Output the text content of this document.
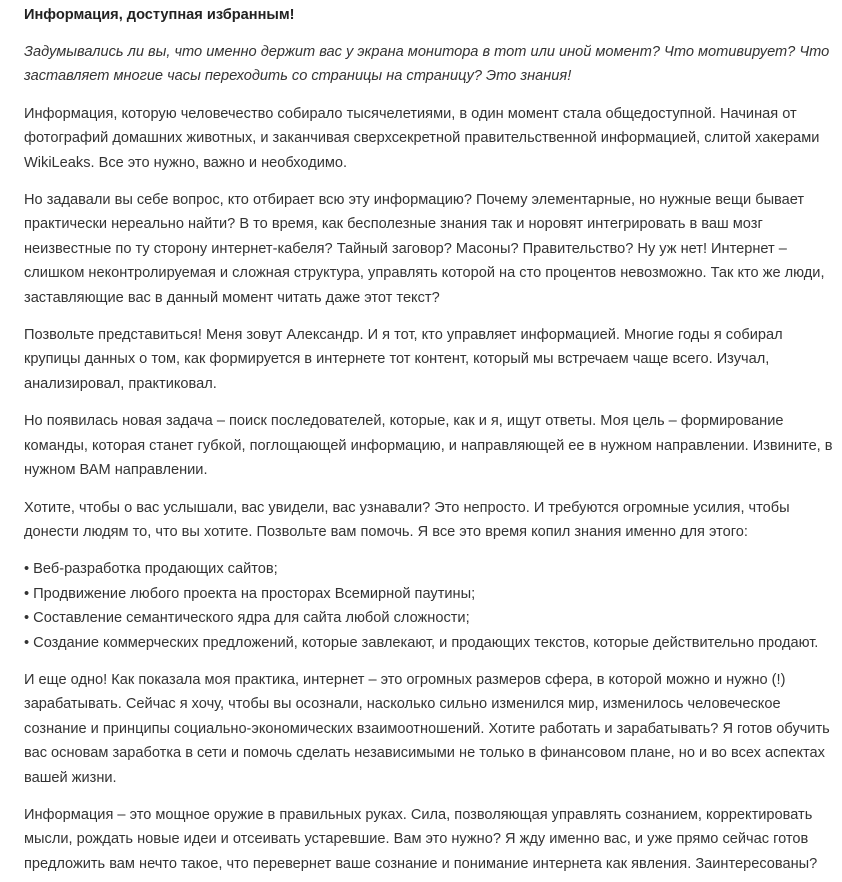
Информация, доступная избранным!

Задумывались ли вы, что именно держит вас у экрана монитора в тот или иной момент? Что мотивирует? Что заставляет многие часы переходить со страницы на страницу? Это знания!

Информация, которую человечество собирало тысячелетиями, в один момент стала общедоступной. Начиная от фотографий домашних животных, и заканчивая сверхсекретной правительственной информацией, слитой хакерами WikiLeaks. Все это нужно, важно и необходимо.

Но задавали вы себе вопрос, кто отбирает всю эту информацию? Почему элементарные, но нужные вещи бывает практически нереально найти? В то время, как бесполезные знания так и норовят интегрировать в ваш мозг неизвестные по ту сторону интернет-кабеля? Тайный заговор? Масоны? Правительство? Ну уж нет! Интернет – слишком неконтролируемая и сложная структура, управлять которой на сто процентов невозможно. Так кто же люди, заставляющие вас в данный момент читать даже этот текст?

Позвольте представиться! Меня зовут Александр. И я тот, кто управляет информацией. Многие годы я собирал крупицы данных о том, как формируется в интернете тот контент, который мы встречаем чаще всего. Изучал, анализировал, практиковал.

Но появилась новая задача – поиск последователей, которые, как и я, ищут ответы. Моя цель – формирование команды, которая станет губкой, поглощающей информацию, и направляющей ее в нужном направлении. Извините, в нужном ВАМ направлении.

Хотите, чтобы о вас услышали, вас увидели, вас узнавали? Это непросто. И требуются огромные усилия, чтобы донести людям то, что вы хотите. Позвольте вам помочь. Я все это время копил знания именно для этого:

• Веб-разработка продающих сайтов;
• Продвижение любого проекта на просторах Всемирной паутины;
• Составление семантического ядра для сайта любой сложности;
• Создание коммерческих предложений, которые завлекают, и продающих текстов, которые действительно продают.

И еще одно! Как показала моя практика, интернет – это огромных размеров сфера, в которой можно и нужно (!) зарабатывать. Сейчас я хочу, чтобы вы осознали, насколько сильно изменился мир, изменилось человеческое сознание и принципы социально-экономических взаимоотношений. Хотите работать и зарабатывать? Я готов обучить вас основам заработка в сети и помочь сделать независимыми не только в финансовом плане, но и во всех аспектах вашей жизни.

Информация – это мощное оружие в правильных руках. Сила, позволяющая управлять сознанием, корректировать мысли, рождать новые идеи и отсеивать устаревшие. Вам это нужно? Я жду именно вас, и уже прямо сейчас готов предложить вам нечто такое, что перевернет ваше сознание и понимание интернета как явления. Заинтересованы?
